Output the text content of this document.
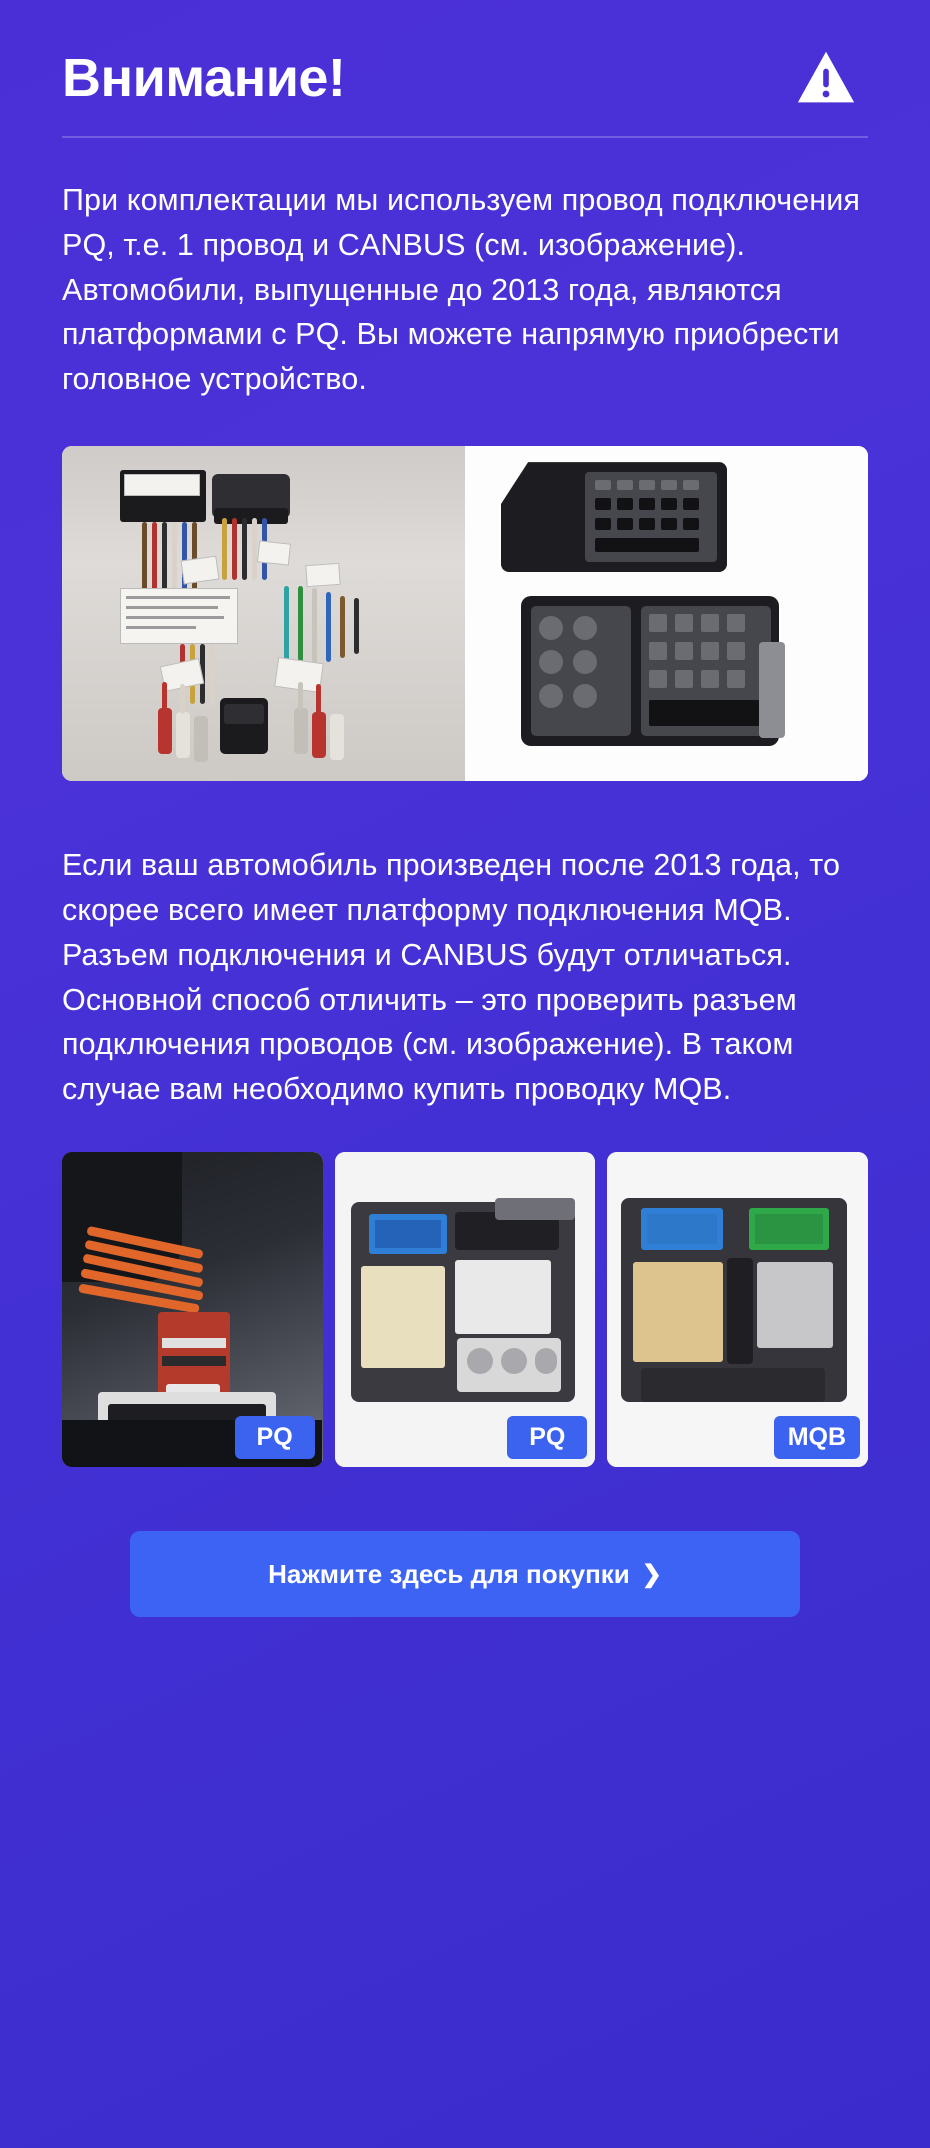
Внимание!

При комплектации мы используем провод подключения PQ, т.е. 1 провод и CANBUS (см. изображение). Автомобили, выпущенные до 2013 года, являются платформами с PQ. Вы можете напрямую приобрести головное устройство.

Если ваш автомобиль произведен после 2013 года, то скорее всего имеет платформу подключения MQB. Разъем подключения и CANBUS будут отличаться. Основной способ отличить – это проверить разъем подключения проводов (см. изображение). В таком случае вам необходимо купить проводку MQB.

PQ	PQ	MQB
Нажмите здесь для покупки ❯
